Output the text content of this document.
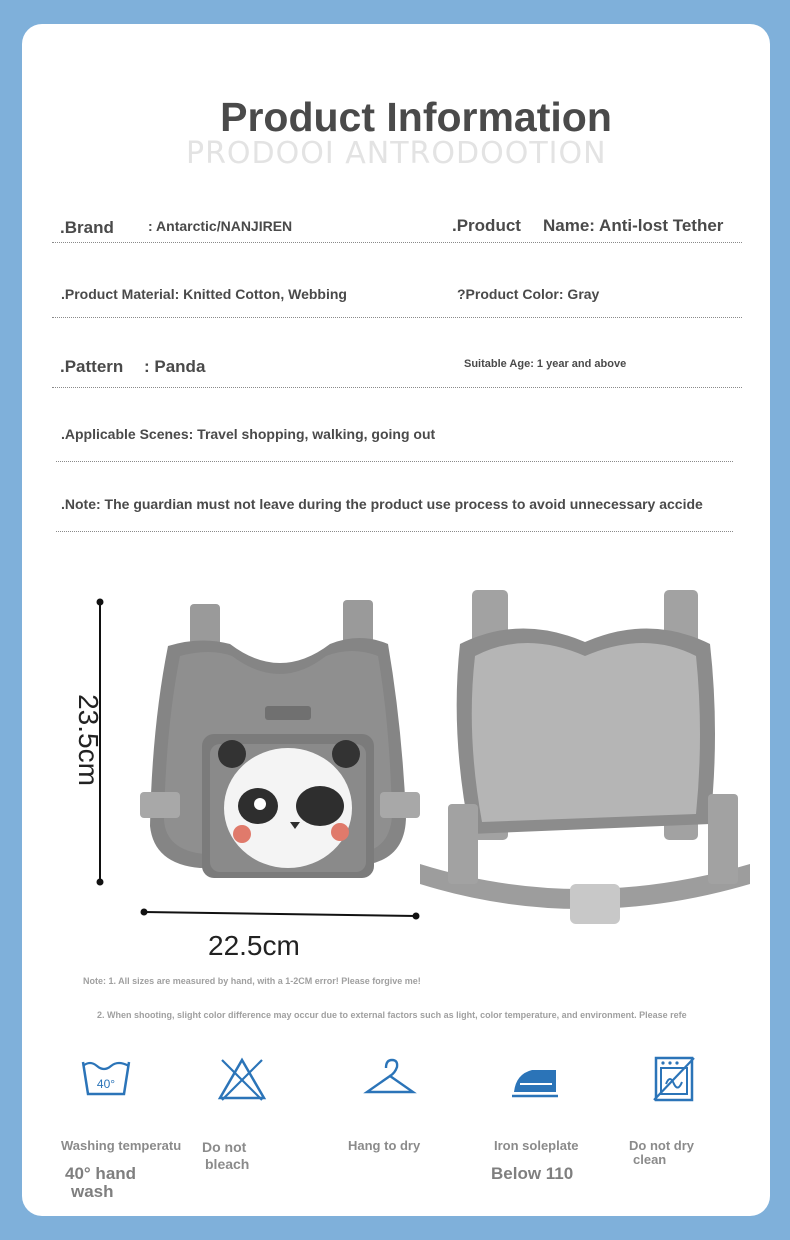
Product Information
PRODOOI ANTRODOOTION
.Brand : Antarctic/NANJIREN	.Product Name: Anti-lost Tether
.Product Material: Knitted Cotton, Webbing	?Product Color: Gray
.Pattern : Panda	Suitable Age: 1 year and above
.Applicable Scenes: Travel shopping, walking, going out
.Note: The guardian must not leave during the product use process to avoid unnecessary accide
23.5cm
22.5cm
Note: 1. All sizes are measured by hand, with a 1-2CM error! Please forgive me!
2. When shooting, slight color difference may occur due to external factors such as light, color temperature, and environment. Please refe
40°
Washing temperatu
40° hand
wash
Do not
bleach
Hang to dry	Iron soleplate
Below 110
Do not dry
clean
